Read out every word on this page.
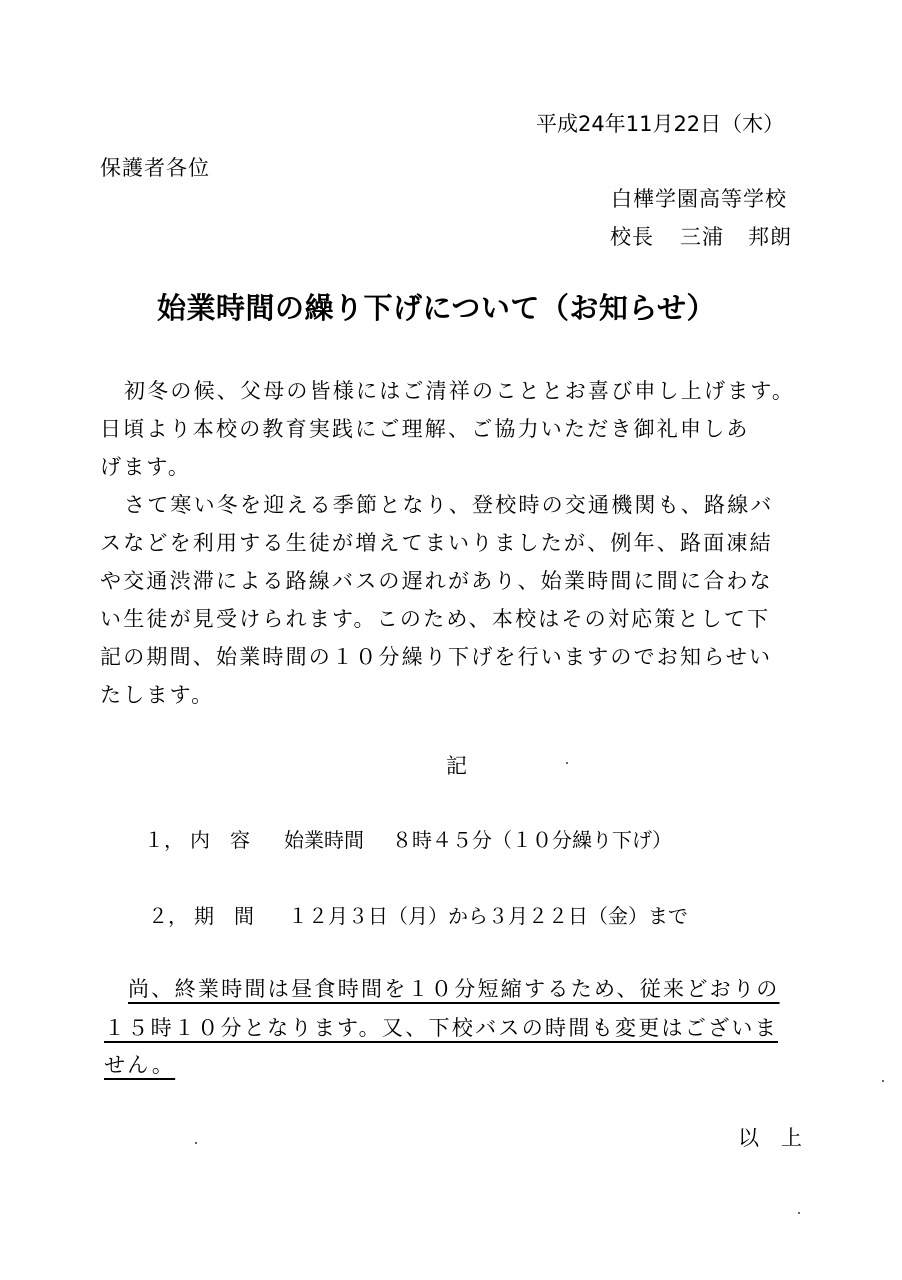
平成24年11月22日（木）
保護者各位
白樺学園高等学校
校長 三浦 邦朗
始業時間の繰り下げについて（お知らせ）
初冬の候、父母の皆様にはご清祥のこととお喜び申し上げます。
日頃より本校の教育実践にご理解、ご協力いただき御礼申しあ
げます。
さて寒い冬を迎える季節となり、登校時の交通機関も、路線バ
スなどを利用する生徒が増えてまいりましたが、例年、路面凍結
や交通渋滞による路線バスの遅れがあり、始業時間に間に合わな
い生徒が見受けられます。このため、本校はその対応策として下
記の期間、始業時間の１０分繰り下げを行いますのでお知らせい
たします。
記
１， 内　容 始業時間 ８時４５分（１０分繰り下げ）
２， 期　間 １２月３日（月）から３月２２日（金）まで
尚、終業時間は昼食時間を１０分短縮するため、従来どおりの
１５時１０分となります。又、下校バスの時間も変更はございま
せん。
以上
